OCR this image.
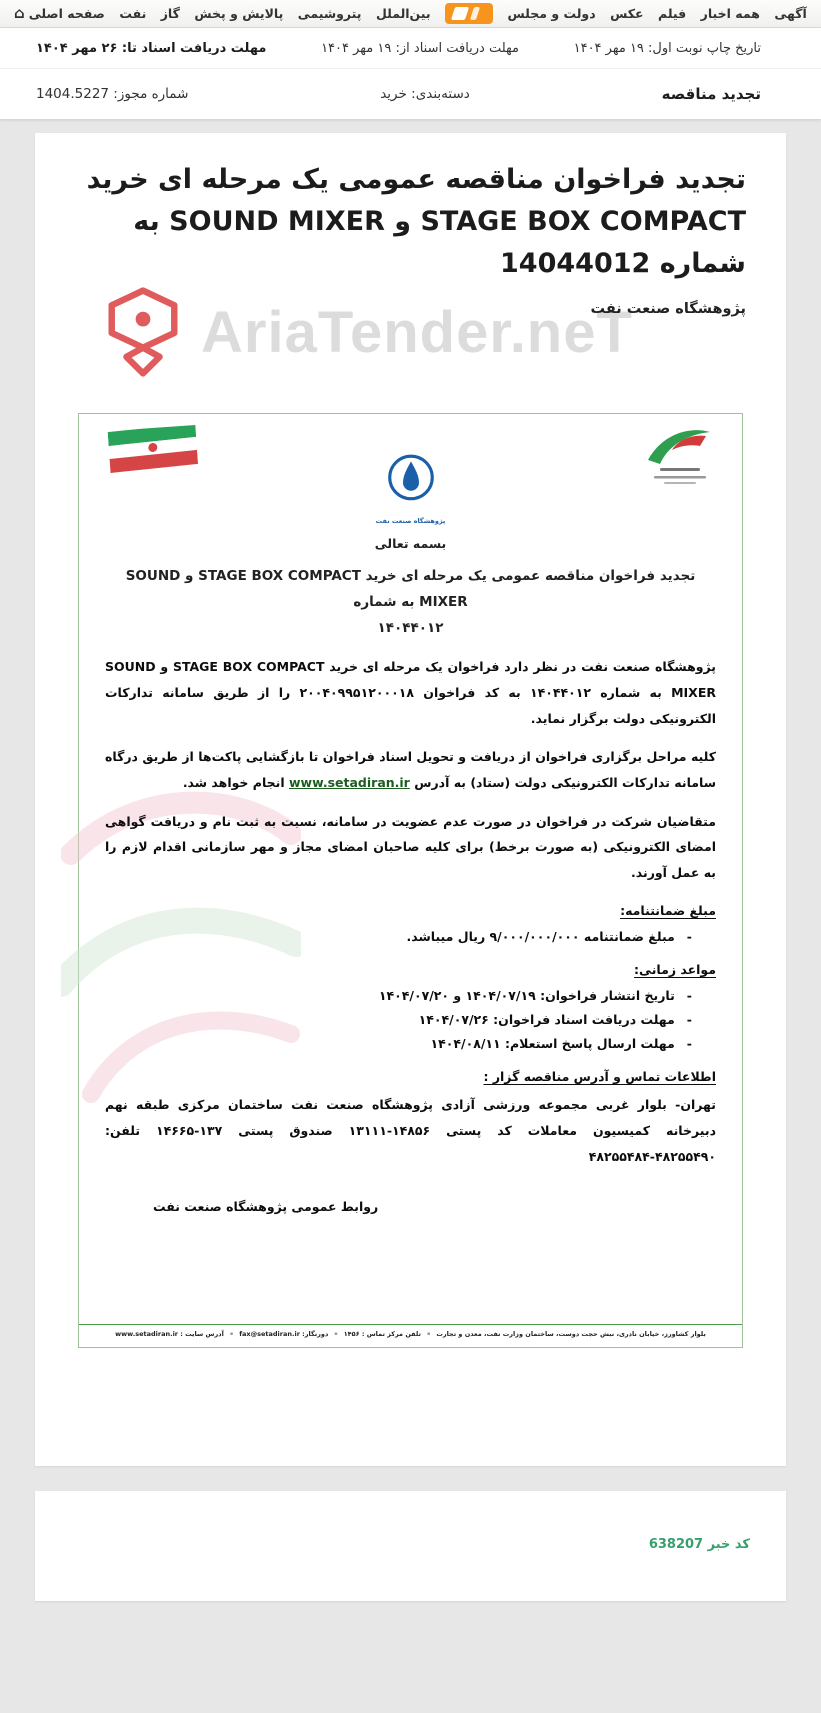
⌂ صفحه اصلی نفت گاز پالایش و پخش پتروشیمی بین‌الملل	دولت و مجلس عکس فیلم همه اخبار آگهی
تاریخ چاپ نوبت اول: ۱۹ مهر ۱۴۰۴
مهلت دریافت اسناد از: ۱۹ مهر ۱۴۰۴
مهلت دریافت اسناد تا: ۲۶ مهر ۱۴۰۴
تجدید مناقصه
دسته‌بندی: خرید
شماره مجوز: 1404.5227
تجدید فراخوان مناقصه عمومی یک مرحله ای خرید STAGE BOX COMPACT و SOUND MIXER به شماره 14044012
پژوهشگاه صنعت نفت
AriaTender.neT
پژوهشگاه صنعت نفت
بسمه تعالی
تجدید فراخوان مناقصه عمومی یک مرحله ای خرید STAGE BOX COMPACT و SOUND MIXER به شماره
۱۴۰۴۴۰۱۲

پژوهشگاه صنعت نفت در نظر دارد فراخوان یک مرحله ای خرید STAGE BOX COMPACT و SOUND MIXER به شماره ۱۴۰۴۴۰۱۲ به کد فراخوان ۲۰۰۴۰۹۹۵۱۲۰۰۰۱۸ را از طریق سامانه تدارکات الکترونیکی دولت برگزار نماید.

کلیه مراحل برگزاری فراخوان از دریافت و تحویل اسناد فراخوان تا بازگشایی پاکت‌ها از طریق درگاه سامانه تدارکات الکترونیکی دولت (ستاد) به آدرس www.setadiran.ir انجام خواهد شد.

متقاضیان شرکت در فراخوان در صورت عدم عضویت در سامانه، نسبت به ثبت نام و دریافت گواهی امضای الکترونیکی (به صورت برخط) برای کلیه صاحبان امضای مجاز و مهر سازمانی اقدام لازم را به عمل آورند.

مبلغ ضمانتنامه:
-
مبلغ ضمانتنامه ۹/۰۰۰/۰۰۰/۰۰۰ ریال میباشد.
مواعد زمانی:
-
تاریخ انتشار فراخوان: ۱۴۰۴/۰۷/۱۹ و ۱۴۰۴/۰۷/۲۰
-
مهلت دریافت اسناد فراخوان: ۱۴۰۴/۰۷/۲۶
-
مهلت ارسال پاسخ استعلام: ۱۴۰۴/۰۸/۱۱
اطلاعات تماس و آدرس مناقصه گزار :

تهران- بلوار غربی مجموعه ورزشی آزادی پژوهشگاه صنعت نفت ساختمان مرکزی طبقه نهم دبیرخانه کمیسیون معاملات کد پستی ۱۴۸۵۶-۱۳۱۱۱ صندوق پستی ۱۳۷-۱۴۶۶۵ تلفن: ۴۸۲۵۵۴۹۰-۴۸۲۵۵۴۸۴

روابط عمومی پژوهشگاه صنعت نفت
بلوار کشاورز، خیابان نادری، نبش حجت دوست، ساختمان وزارت نفت، معدن و تجارت ▪
تلفن مرکز تماس : ۱۴۵۶ ▪
دورنگار: fax@setadiran.ir ▪
آدرس سایت : www.setadiran.ir
کد خبر 638207
